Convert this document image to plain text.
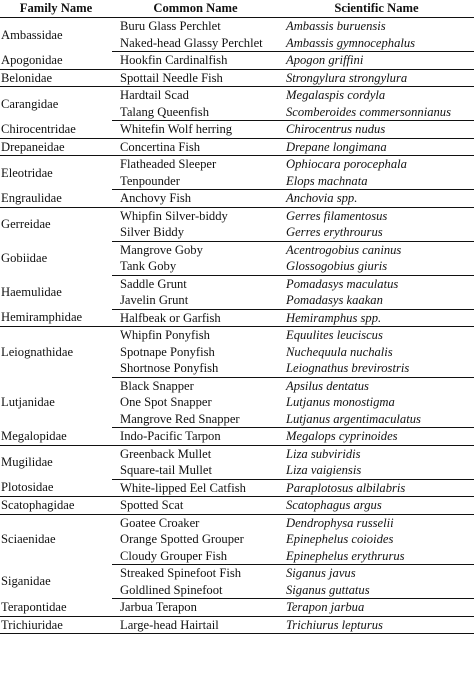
Family Name	Common Name	Scientific Name
Ambassidae	Buru Glass Perchlet	Ambassis buruensis
	Naked-head Glassy Perchlet	Ambassis gymnocephalus
Apogonidae	Hookfin Cardinalfish	Apogon griffini
Belonidae	Spottail Needle Fish	Strongylura strongylura
Carangidae	Hardtail Scad	Megalaspis cordyla
	Talang Queenfish	Scomberoides commersonnianus
Chirocentridae	Whitefin Wolf herring	Chirocentrus nudus
Drepaneidae	Concertina Fish	Drepane longimana
Eleotridae	Flatheaded Sleeper	Ophiocara porocephala
	Tenpounder	Elops machnata
Engraulidae	Anchovy Fish	Anchovia spp.
Gerreidae	Whipfin Silver-biddy	Gerres filamentosus
	Silver Biddy	Gerres erythrourus
Gobiidae	Mangrove Goby	Acentrogobius caninus
	Tank Goby	Glossogobius giuris
Haemulidae	Saddle Grunt	Pomadasys maculatus
	Javelin Grunt	Pomadasys kaakan
Hemiramphidae	Halfbeak or Garfish	Hemiramphus spp.
Leiognathidae	Whipfin Ponyfish	Equulites leuciscus
	Spotnape Ponyfish	Nuchequula nuchalis
	Shortnose Ponyfish	Leiognathus brevirostris
Lutjanidae	Black Snapper	Apsilus dentatus
	One Spot Snapper	Lutjanus monostigma
	Mangrove Red Snapper	Lutjanus argentimaculatus
Megalopidae	Indo-Pacific Tarpon	Megalops cyprinoides
Mugilidae	Greenback Mullet	Liza subviridis
	Square-tail Mullet	Liza vaigiensis
Plotosidae	White-lipped Eel Catfish	Paraplotosus albilabris
Scatophagidae	Spotted Scat	Scatophagus argus
Sciaenidae	Goatee Croaker	Dendrophysa russelii
	Orange Spotted Grouper	Epinephelus coioides
	Cloudy Grouper Fish	Epinephelus erythrurus
Siganidae	Streaked Spinefoot Fish	Siganus javus
	Goldlined Spinefoot	Siganus guttatus
Terapontidae	Jarbua Terapon	Terapon jarbua
Trichiuridae	Large-head Hairtail	Trichiurus lepturus
